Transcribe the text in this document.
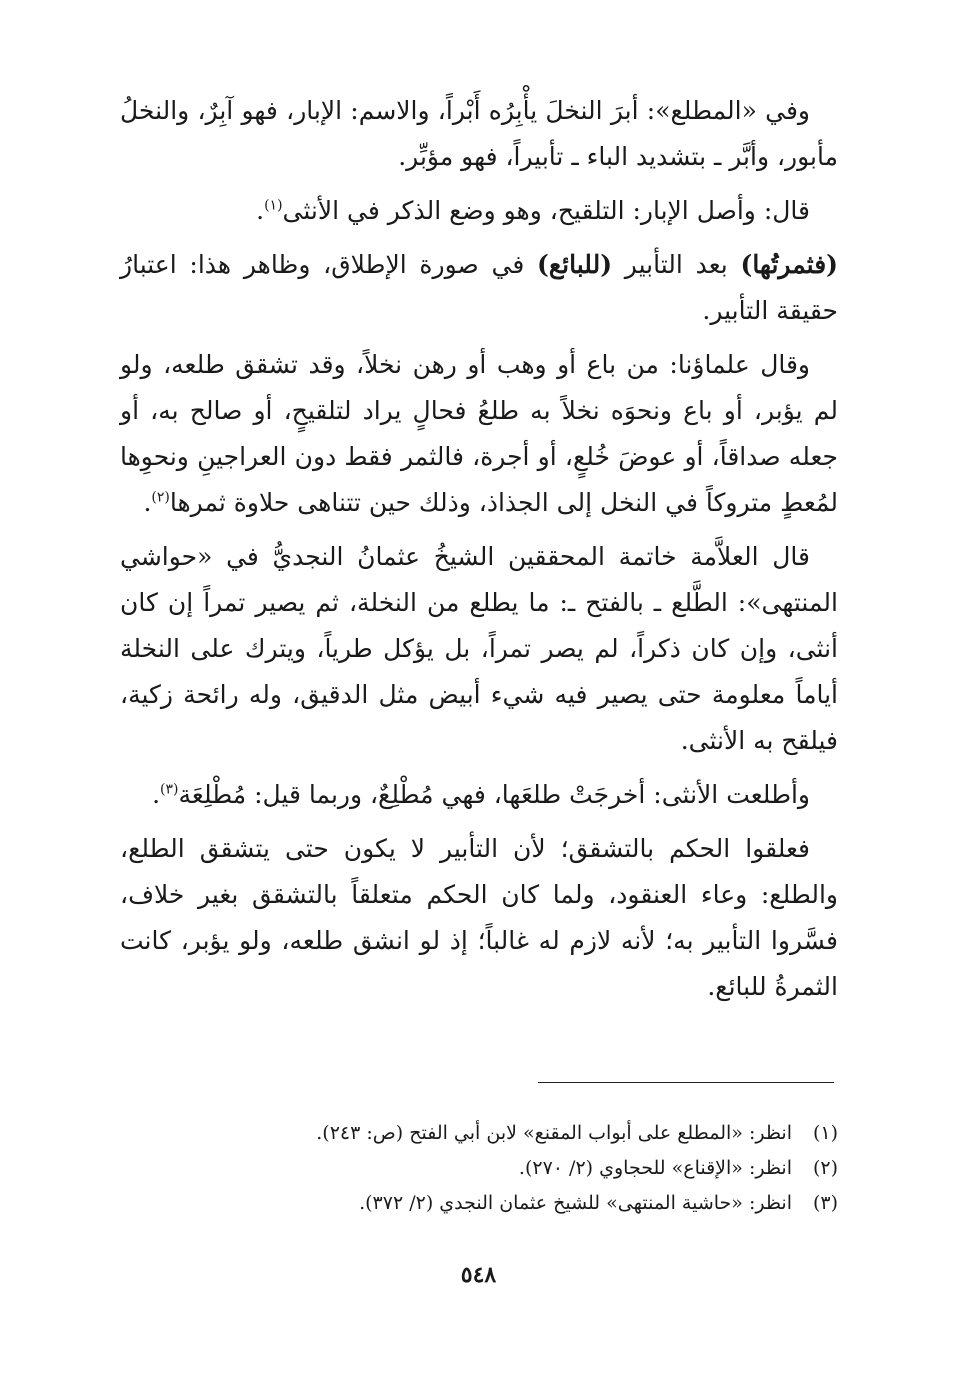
وفي «المطلع»: أبرَ النخلَ يأْبِرُه أَبْراً، والاسم: الإبار، فهو آبِرٌ، والنخلُ مأبور، وأبَّر ـ بتشديد الباء ـ تأبيراً، فهو مؤبِّر.

قال: وأصل الإبار: التلقيح، وهو وضع الذكر في الأنثى$^{(١)}$.

(فثمرتُها) بعد التأبير (للبائع) في صورة الإطلاق، وظاهر هذا: اعتبارُ حقيقة التأبير.

وقال علماؤنا: من باع أو وهب أو رهن نخلاً، وقد تشقق طلعه، ولو لم يؤبر، أو باع ونحوَه نخلاً به طلعُ فحالٍ يراد لتلقيحٍ، أو صالح به، أو جعله صداقاً، أو عوضَ خُلعٍ، أو أجرة، فالثمر فقط دون العراجينِ ونحوِها لمُعطٍ متروكاً في النخل إلى الجذاذ، وذلك حين تتناهى حلاوة ثمرها$^{(٢)}$.

قال العلاَّمة خاتمة المحققين الشيخُ عثمانُ النجديُّ في «حواشي المنتهى»: الطَّلع ـ بالفتح ـ: ما يطلع من النخلة، ثم يصير تمراً إن كان أنثى، وإن كان ذكراً، لم يصر تمراً، بل يؤكل طرياً، ويترك على النخلة أياماً معلومة حتى يصير فيه شيء أبيض مثل الدقيق، وله رائحة زكية، فيلقح به الأنثى.

وأطلعت الأنثى: أخرجَتْ طلعَها، فهي مُطْلِعٌ، وربما قيل: مُطْلِعَة$^{(٣)}$.

فعلقوا الحكم بالتشقق؛ لأن التأبير لا يكون حتى يتشقق الطلع، والطلع: وعاء العنقود، ولما كان الحكم متعلقاً بالتشقق بغير خلاف، فسَّروا التأبير به؛ لأنه لازم له غالباً؛ إذ لو انشق طلعه، ولو يؤبر، كانت الثمرةُ للبائع.

(١)انظر: «المطلع على أبواب المقنع» لابن أبي الفتح (ص: ٢٤٣).
(٢)انظر: «الإقناع» للحجاوي (٢/ ٢٧٠).
(٣)انظر: «حاشية المنتهى» للشيخ عثمان النجدي (٢/ ٣٧٢).
٥٤٨
